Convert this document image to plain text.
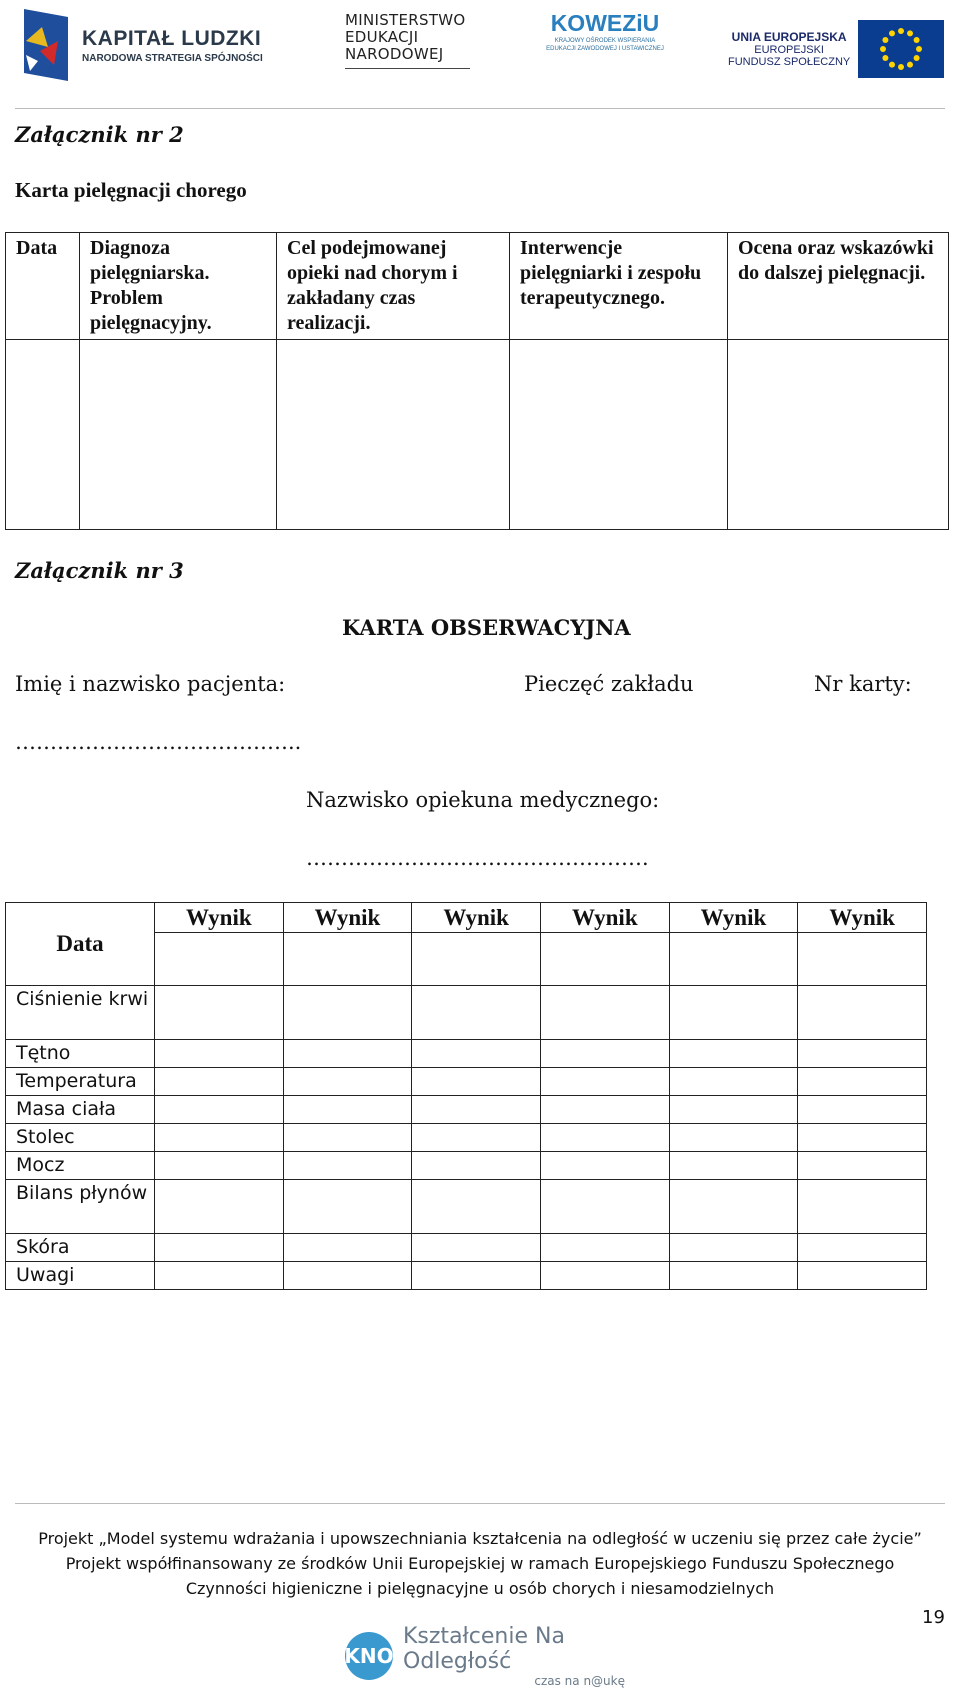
KAPITAŁ LUDZKI
NARODOWA STRATEGIA SPÓJNOŚCI
MINISTERSTWO
EDUKACJI
NARODOWEJ
KOWEZiU
KRAJOWY OŚRODEK WSPIERANIA EDUKACJI ZAWODOWEJ I USTAWICZNEJ
UNIA EUROPEJSKA
EUROPEJSKI
FUNDUSZ SPOŁECZNY
Załącznik nr 2
Karta pielęgnacji chorego
Data	Diagnoza pielęgniarska. Problem pielęgnacyjny.	Cel podejmowanej opieki nad chorym i zakładany czas realizacji.	Interwencje pielęgniarki i zespołu terapeutycznego.	Ocena oraz wskazówki do dalszej pielęgnacji.

Załącznik nr 3
KARTA OBSERWACYJNA
Imię i nazwisko pacjenta:	Pieczęć zakładu	Nr karty:
…………………………………..
Nazwisko opiekuna medycznego:
………………………………………….
Data	Wynik	Wynik	Wynik	Wynik	Wynik	Wynik

Ciśnienie krwi						
Tętno						
Temperatura						
Masa ciała						
Stolec						
Mocz						
Bilans płynów						
Skóra						
Uwagi						
Projekt „Model systemu wdrażania i upowszechniania kształcenia na odległość w uczeniu się przez całe życie”
Projekt współfinansowany ze środków Unii Europejskiej w ramach Europejskiego Funduszu Społecznego
Czynności higieniczne i pielęgnacyjne u osób chorych i niesamodzielnych
19
KNO
Kształcenie Na Odległość
czas na n@ukę
